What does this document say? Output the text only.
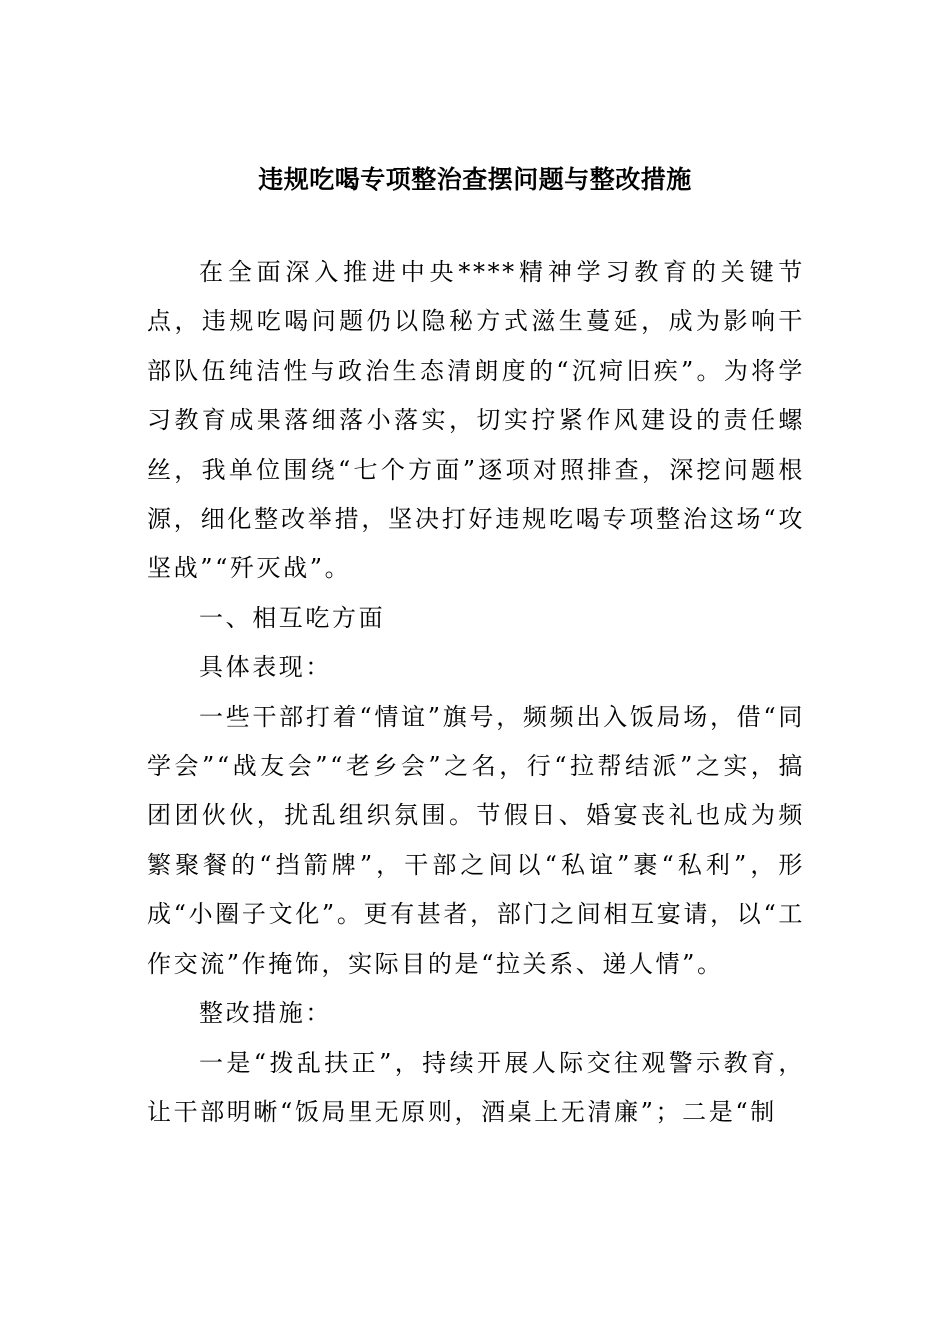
违规吃喝专项整治查摆问题与整改措施

在全面深入推进中央****精神学习教育的关键节点，违规吃喝问题仍以隐秘方式滋生蔓延，成为影响干部队伍纯洁性与政治生态清朗度的“沉疴旧疾”。为将学习教育成果落细落小落实，切实拧紧作风建设的责任螺丝，我单位围绕“七个方面”逐项对照排查，深挖问题根源，细化整改举措，坚决打好违规吃喝专项整治这场“攻坚战”“歼灭战”。

一、相互吃方面

具体表现：

一些干部打着“情谊”旗号，频频出入饭局场，借“同学会”“战友会”“老乡会”之名，行“拉帮结派”之实，搞团团伙伙，扰乱组织氛围。节假日、婚宴丧礼也成为频繁聚餐的“挡箭牌”，干部之间以“私谊”裹“私利”，形成“小圈子文化”。更有甚者，部门之间相互宴请，以“工作交流”作掩饰，实际目的是“拉关系、递人情”。

整改措施：

一是“拨乱扶正”，持续开展人际交往观警示教育，让干部明晰“饭局里无原则，酒桌上无清廉”；二是“制
